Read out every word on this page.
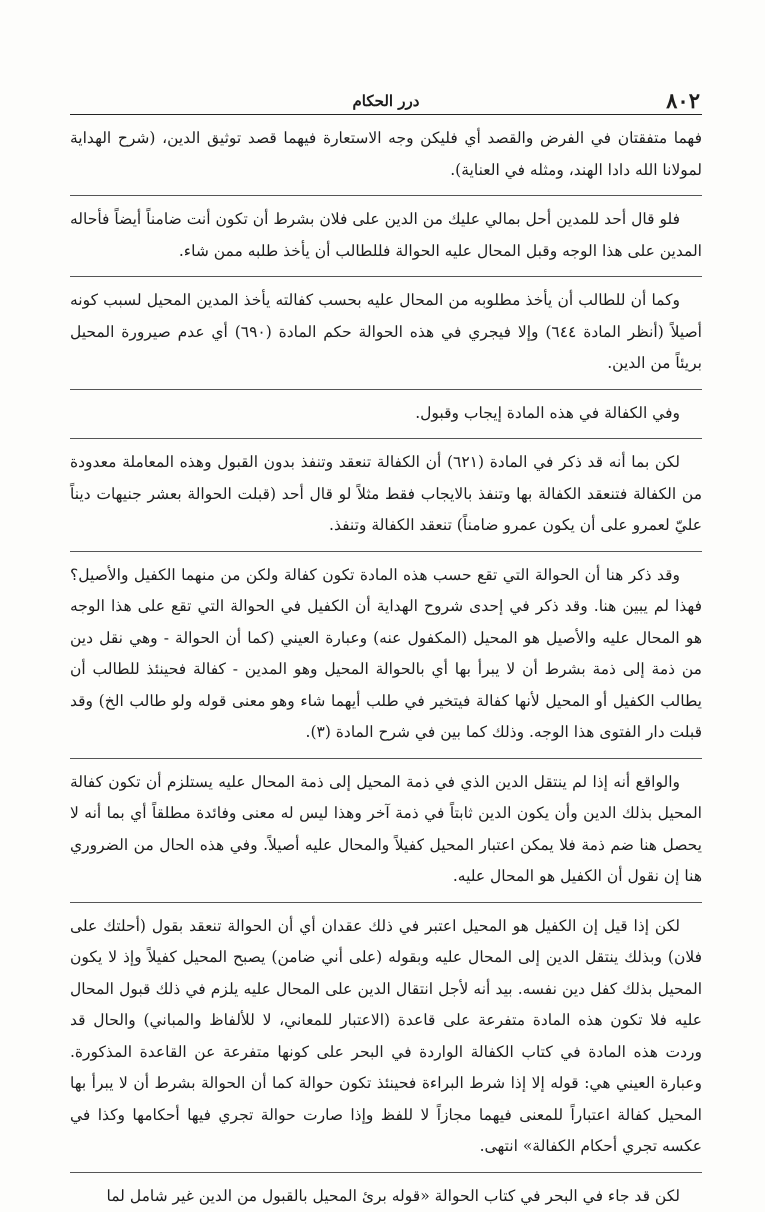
٨٠٢
درر الحكام

فهما متفقتان في الفرض والقصد أي فليكن وجه الاستعارة فيهما قصد توثيق الدين، (شرح الهداية لمولانا الله دادا الهند، ومثله في العناية).

فلو قال أحد للمدين أحل بمالي عليك من الدين على فلان بشرط أن تكون أنت ضامناً أيضاً فأحاله المدين على هذا الوجه وقبل المحال عليه الحوالة فللطالب أن يأخذ طلبه ممن شاء.

وكما أن للطالب أن يأخذ مطلوبه من المحال عليه بحسب كفالته يأخذ المدين المحيل لسبب كونه أصيلاً (أنظر المادة ٦٤٤) وإلا فيجري في هذه الحوالة حكم المادة (٦٩٠) أي عدم صيرورة المحيل بريئاً من الدين.

وفي الكفالة في هذه المادة إيجاب وقبول.

لكن بما أنه قد ذكر في المادة (٦٢١) أن الكفالة تنعقد وتنفذ بدون القبول وهذه المعاملة معدودة من الكفالة فتنعقد الكفالة بها وتنفذ بالايجاب فقط مثلاً لو قال أحد (قبلت الحوالة بعشر جنيهات ديناً عليّ لعمرو على أن يكون عمرو ضامناً) تنعقد الكفالة وتنفذ.

وقد ذكر هنا أن الحوالة التي تقع حسب هذه المادة تكون كفالة ولكن من منهما الكفيل والأصيل؟ فهذا لم يبين هنا. وقد ذكر في إحدى شروح الهداية أن الكفيل في الحوالة التي تقع على هذا الوجه هو المحال عليه والأصيل هو المحيل (المكفول عنه) وعبارة العيني (كما أن الحوالة - وهي نقل دين من ذمة إلى ذمة بشرط أن لا يبرأ بها أي بالحوالة المحيل وهو المدين - كفالة فحينئذ للطالب أن يطالب الكفيل أو المحيل لأنها كفالة فيتخير في طلب أيهما شاء وهو معنى قوله ولو طالب الخ) وقد قبلت دار الفتوى هذا الوجه. وذلك كما بين في شرح المادة (٣).

والواقع أنه إذا لم ينتقل الدين الذي في ذمة المحيل إلى ذمة المحال عليه يستلزم أن تكون كفالة المحيل بذلك الدين وأن يكون الدين ثابتاً في ذمة آخر وهذا ليس له معنى وفائدة مطلقاً أي بما أنه لا يحصل هنا ضم ذمة فلا يمكن اعتبار المحيل كفيلاً والمحال عليه أصيلاً. وفي هذه الحال من الضروري هنا إن نقول أن الكفيل هو المحال عليه.

لكن إذا قيل إن الكفيل هو المحيل اعتبر في ذلك عقدان أي أن الحوالة تنعقد بقول (أحلتك على فلان) وبذلك ينتقل الدين إلى المحال عليه وبقوله (على أني ضامن) يصبح المحيل كفيلاً وإذ لا يكون المحيل بذلك كفل دين نفسه. بيد أنه لأجل انتقال الدين على المحال عليه يلزم في ذلك قبول المحال عليه فلا تكون هذه المادة متفرعة على قاعدة (الاعتبار للمعاني، لا للألفاظ والمباني) والحال قد وردت هذه المادة في كتاب الكفالة الواردة في البحر على كونها متفرعة عن القاعدة المذكورة. وعبارة العيني هي: قوله إلا إذا شرط البراءة فحينئذ تكون حوالة كما أن الحوالة بشرط أن لا يبرأ بها المحيل كفالة اعتباراً للمعنى فيهما مجازاً لا للفظ وإذا صارت حوالة تجري فيها أحكامها وكذا في عكسه تجري أحكام الكفالة» انتهى.

لكن قد جاء في البحر في كتاب الحوالة «قوله برئ المحيل بالقبول من الدين غير شامل لما
